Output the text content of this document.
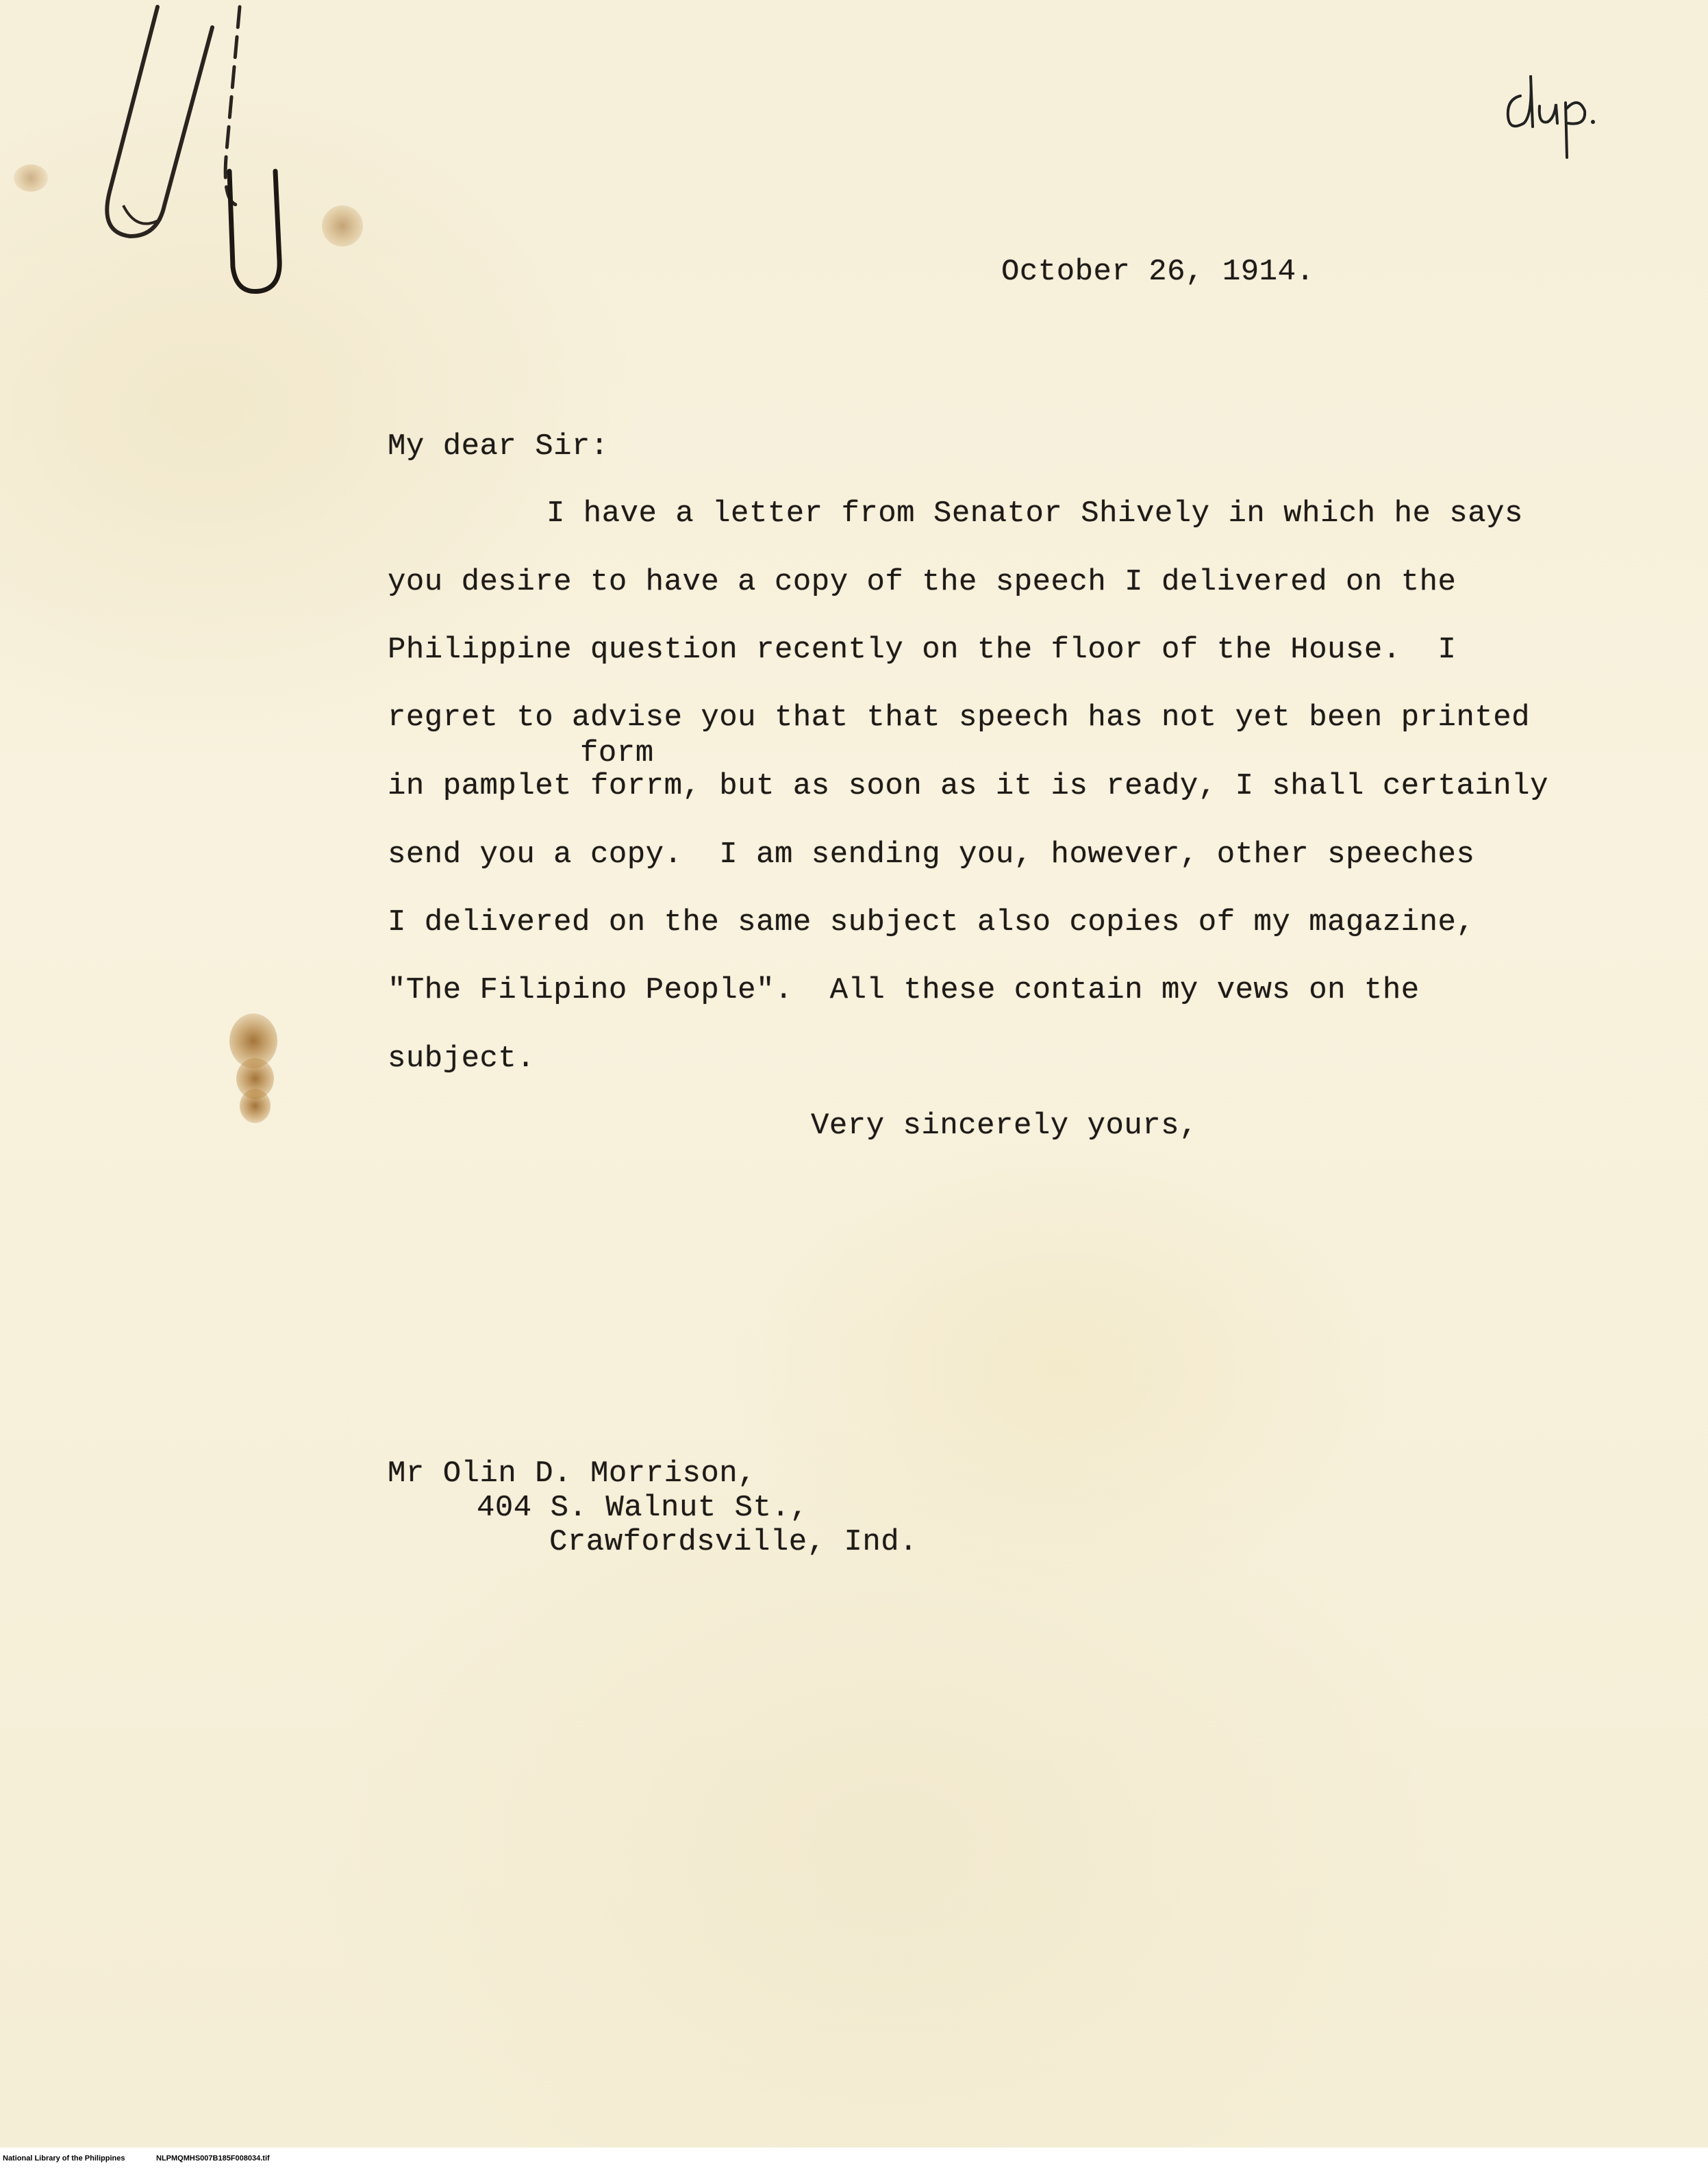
October 26, 1914.
My dear Sir:
I have a letter from Senator Shively in which he says
you desire to have a copy of the speech I delivered on the
Philippine question recently on the floor of the House.  I
regret to advise you that that speech has not yet been printed
form
in pamplet forrm, but as soon as it is ready, I shall certainly
send you a copy.  I am sending you, however, other speeches
I delivered on the same subject also copies of my magazine,
"The Filipino People".  All these contain my vews on the
subject.
Very sincerely yours,
Mr Olin D. Morrison,
404 S. Walnut St.,
Crawfordsville, Ind.
National Library of the Philippines	NLPMQMHS007B185F008034.tif
